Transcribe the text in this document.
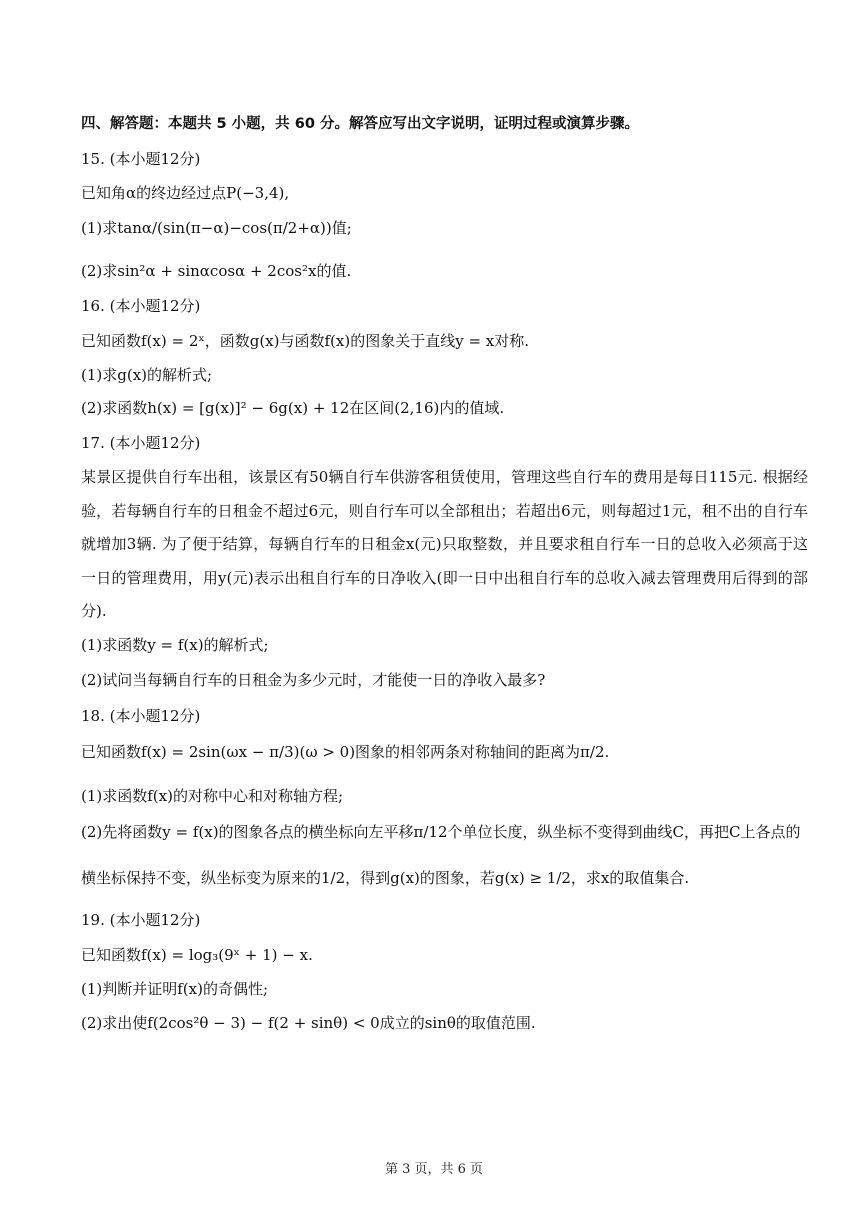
四、解答题：本题共 5 小题，共 60 分。解答应写出文字说明，证明过程或演算步骤。
15. (本小题12分)
已知角α的终边经过点P(−3,4),
(1)求tanα/(sin(π−α)−cos(π/2+α))值;
(2)求sin²α + sinαcosα + 2cos²x的值.
16. (本小题12分)
已知函数f(x) = 2ˣ，函数g(x)与函数f(x)的图象关于直线y = x对称.
(1)求g(x)的解析式;
(2)求函数h(x) = [g(x)]² − 6g(x) + 12在区间(2,16)内的值域.
17. (本小题12分)
某景区提供自行车出租，该景区有50辆自行车供游客租赁使用，管理这些自行车的费用是每日115元. 根据经验，若每辆自行车的日租金不超过6元，则自行车可以全部租出；若超出6元，则每超过1元，租不出的自行车就增加3辆. 为了便于结算，每辆自行车的日租金x(元)只取整数，并且要求租自行车一日的总收入必须高于这一日的管理费用，用y(元)表示出租自行车的日净收入(即一日中出租自行车的总收入减去管理费用后得到的部分).
(1)求函数y = f(x)的解析式;
(2)试问当每辆自行车的日租金为多少元时，才能使一日的净收入最多?
18. (本小题12分)
已知函数f(x) = 2sin(ωx − π/3)(ω > 0)图象的相邻两条对称轴间的距离为π/2.
(1)求函数f(x)的对称中心和对称轴方程;
(2)先将函数y = f(x)的图象各点的横坐标向左平移π/12个单位长度，纵坐标不变得到曲线C，再把C上各点的
横坐标保持不变，纵坐标变为原来的1/2，得到g(x)的图象，若g(x) ≥ 1/2，求x的取值集合.
19. (本小题12分)
已知函数f(x) = log₃(9ˣ + 1) − x.
(1)判断并证明f(x)的奇偶性;
(2)求出使f(2cos²θ − 3) − f(2 + sinθ) < 0成立的sinθ的取值范围.
第 3 页，共 6 页
